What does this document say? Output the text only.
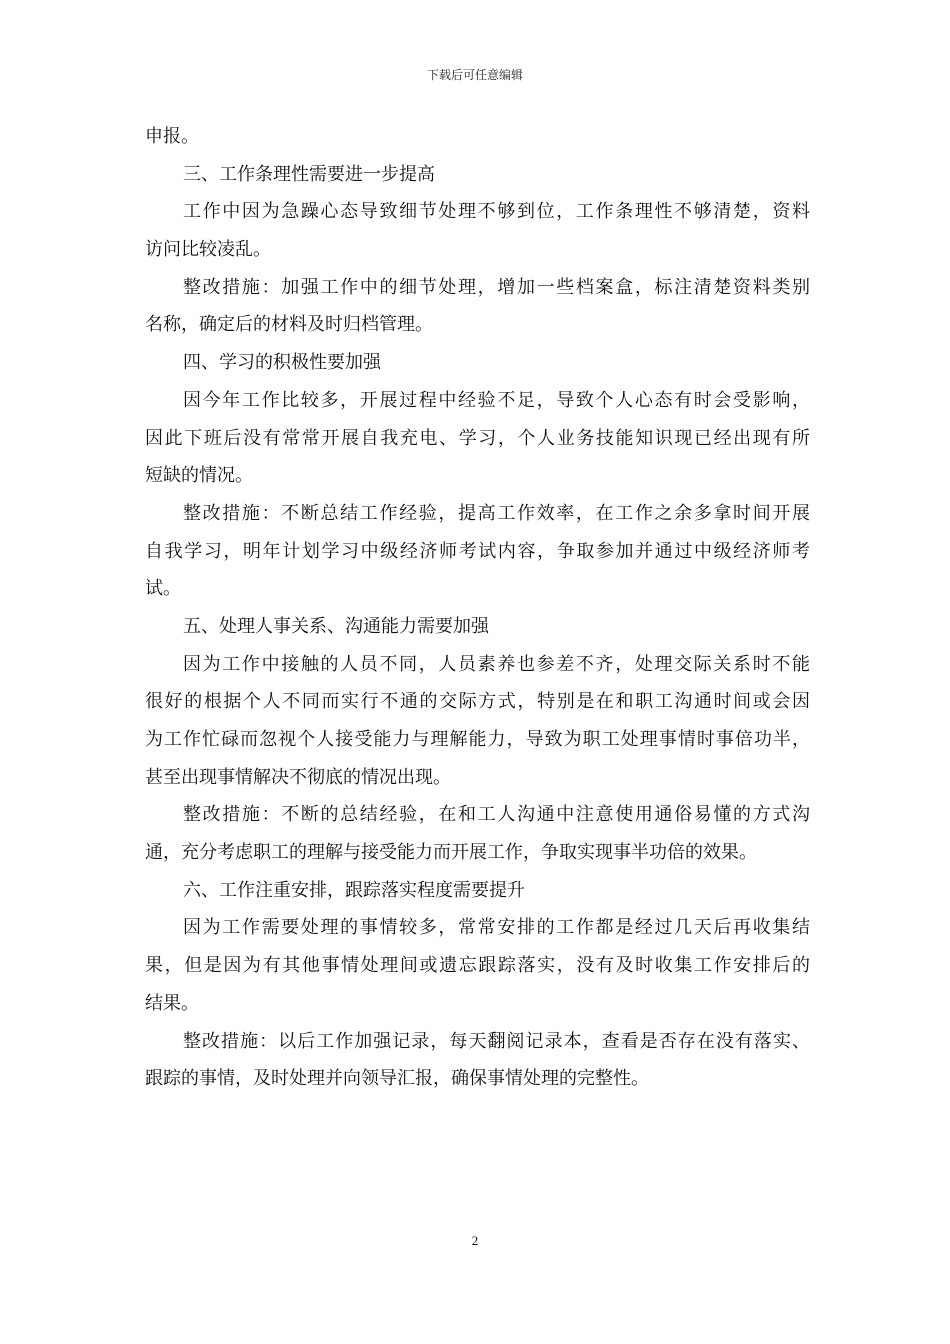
下载后可任意编辑
申报。
三、工作条理性需要进一步提高
工作中因为急躁心态导致细节处理不够到位，工作条理性不够清楚，资料
访问比较凌乱。
整改措施：加强工作中的细节处理，增加一些档案盒，标注清楚资料类别
名称，确定后的材料及时归档管理。
四、学习的积极性要加强
因今年工作比较多，开展过程中经验不足，导致个人心态有时会受影响，
因此下班后没有常常开展自我充电、学习，个人业务技能知识现已经出现有所
短缺的情况。
整改措施：不断总结工作经验，提高工作效率，在工作之余多拿时间开展
自我学习，明年计划学习中级经济师考试内容，争取参加并通过中级经济师考
试。
五、处理人事关系、沟通能力需要加强
因为工作中接触的人员不同，人员素养也参差不齐，处理交际关系时不能
很好的根据个人不同而实行不通的交际方式，特别是在和职工沟通时间或会因
为工作忙碌而忽视个人接受能力与理解能力，导致为职工处理事情时事倍功半，
甚至出现事情解决不彻底的情况出现。
整改措施：不断的总结经验，在和工人沟通中注意使用通俗易懂的方式沟
通，充分考虑职工的理解与接受能力而开展工作，争取实现事半功倍的效果。
六、工作注重安排，跟踪落实程度需要提升
因为工作需要处理的事情较多，常常安排的工作都是经过几天后再收集结
果，但是因为有其他事情处理间或遗忘跟踪落实，没有及时收集工作安排后的
结果。
整改措施：以后工作加强记录，每天翻阅记录本，查看是否存在没有落实、
跟踪的事情，及时处理并向领导汇报，确保事情处理的完整性。
2
